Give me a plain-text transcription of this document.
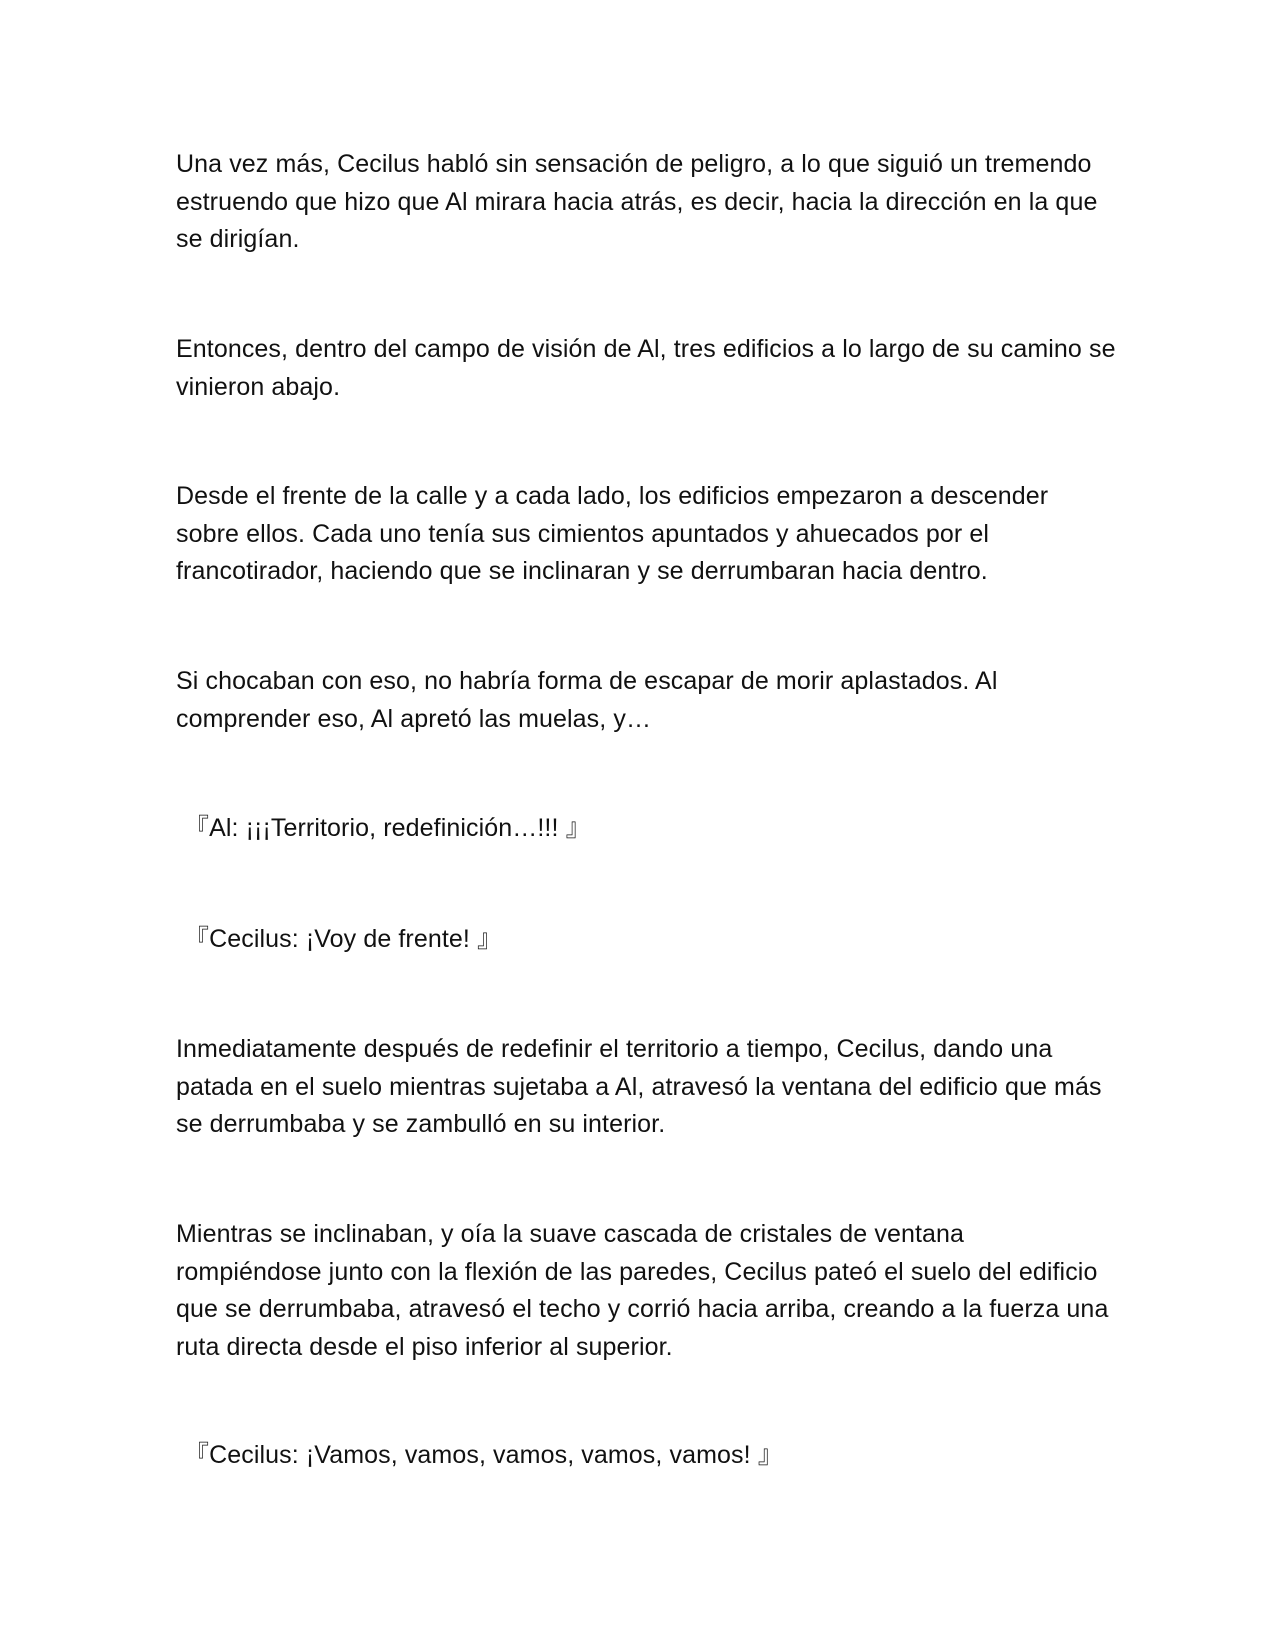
Una vez más, Cecilus habló sin sensación de peligro, a lo que siguió un tremendo estruendo que hizo que Al mirara hacia atrás, es decir, hacia la dirección en la que se dirigían.

Entonces, dentro del campo de visión de Al, tres edificios a lo largo de su camino se vinieron abajo.

Desde el frente de la calle y a cada lado, los edificios empezaron a descender sobre ellos. Cada uno tenía sus cimientos apuntados y ahuecados por el francotirador, haciendo que se inclinaran y se derrumbaran hacia dentro.

Si chocaban con eso, no habría forma de escapar de morir aplastados. Al comprender eso, Al apretó las muelas, y…

『Al: ¡¡¡Territorio, redefinición…!!! 』

『Cecilus: ¡Voy de frente! 』

Inmediatamente después de redefinir el territorio a tiempo, Cecilus, dando una patada en el suelo mientras sujetaba a Al, atravesó la ventana del edificio que más se derrumbaba y se zambulló en su interior.

Mientras se inclinaban, y oía la suave cascada de cristales de ventana rompiéndose junto con la flexión de las paredes, Cecilus pateó el suelo del edificio que se derrumbaba, atravesó el techo y corrió hacia arriba, creando a la fuerza una ruta directa desde el piso inferior al superior.

『Cecilus: ¡Vamos, vamos, vamos, vamos, vamos! 』
